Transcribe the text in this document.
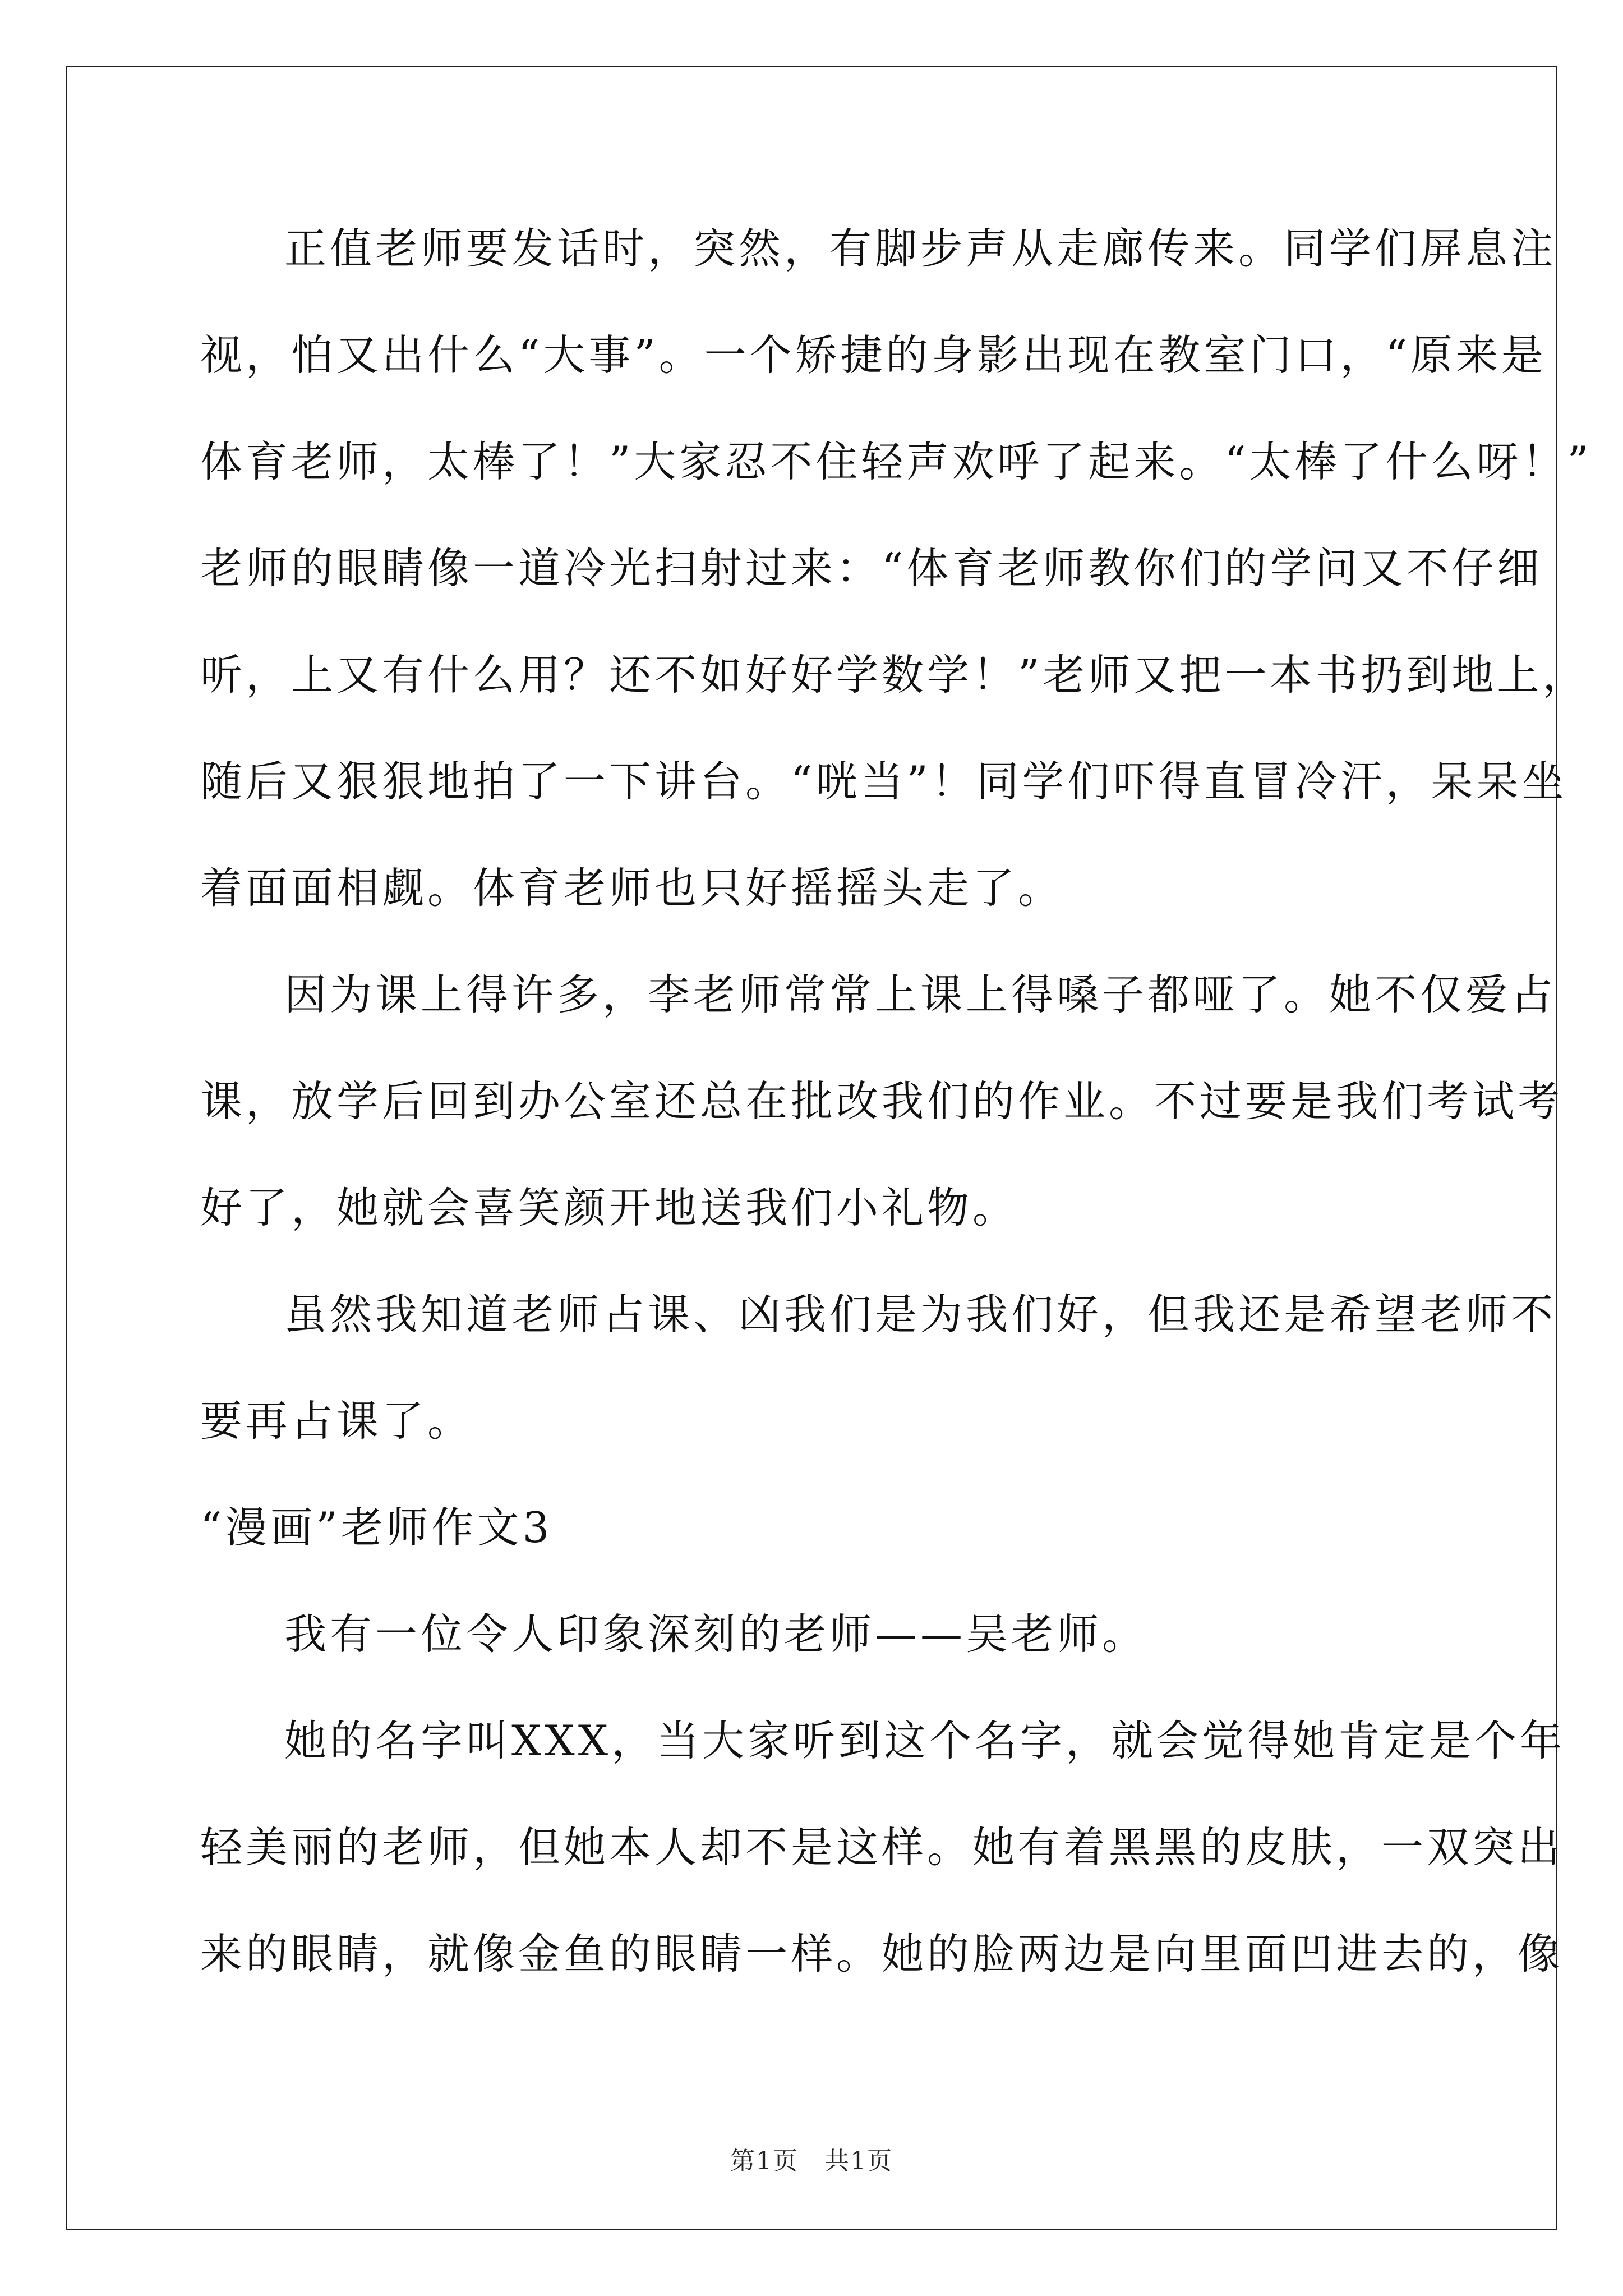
正值老师要发话时，突然，有脚步声从走廊传来。同学们屏息注
视，怕又出什么“大事”。一个矫捷的身影出现在教室门口，“原来是
体育老师，太棒了！”大家忍不住轻声欢呼了起来。“太棒了什么呀！”
老师的眼睛像一道冷光扫射过来：“体育老师教你们的学问又不仔细
听，上又有什么用？还不如好好学数学！”老师又把一本书扔到地上，
随后又狠狠地拍了一下讲台。“咣当”！同学们吓得直冒冷汗，呆呆坐
着面面相觑。体育老师也只好摇摇头走了。
因为课上得许多，李老师常常上课上得嗓子都哑了。她不仅爱占
课，放学后回到办公室还总在批改我们的作业。不过要是我们考试考
好了，她就会喜笑颜开地送我们小礼物。
虽然我知道老师占课、凶我们是为我们好，但我还是希望老师不
要再占课了。
“漫画”老师作文3
我有一位令人印象深刻的老师——吴老师。
她的名字叫XXX，当大家听到这个名字，就会觉得她肯定是个年
轻美丽的老师，但她本人却不是这样。她有着黑黑的皮肤，一双突出
来的眼睛，就像金鱼的眼睛一样。她的脸两边是向里面凹进去的，像
第1页 共1页
